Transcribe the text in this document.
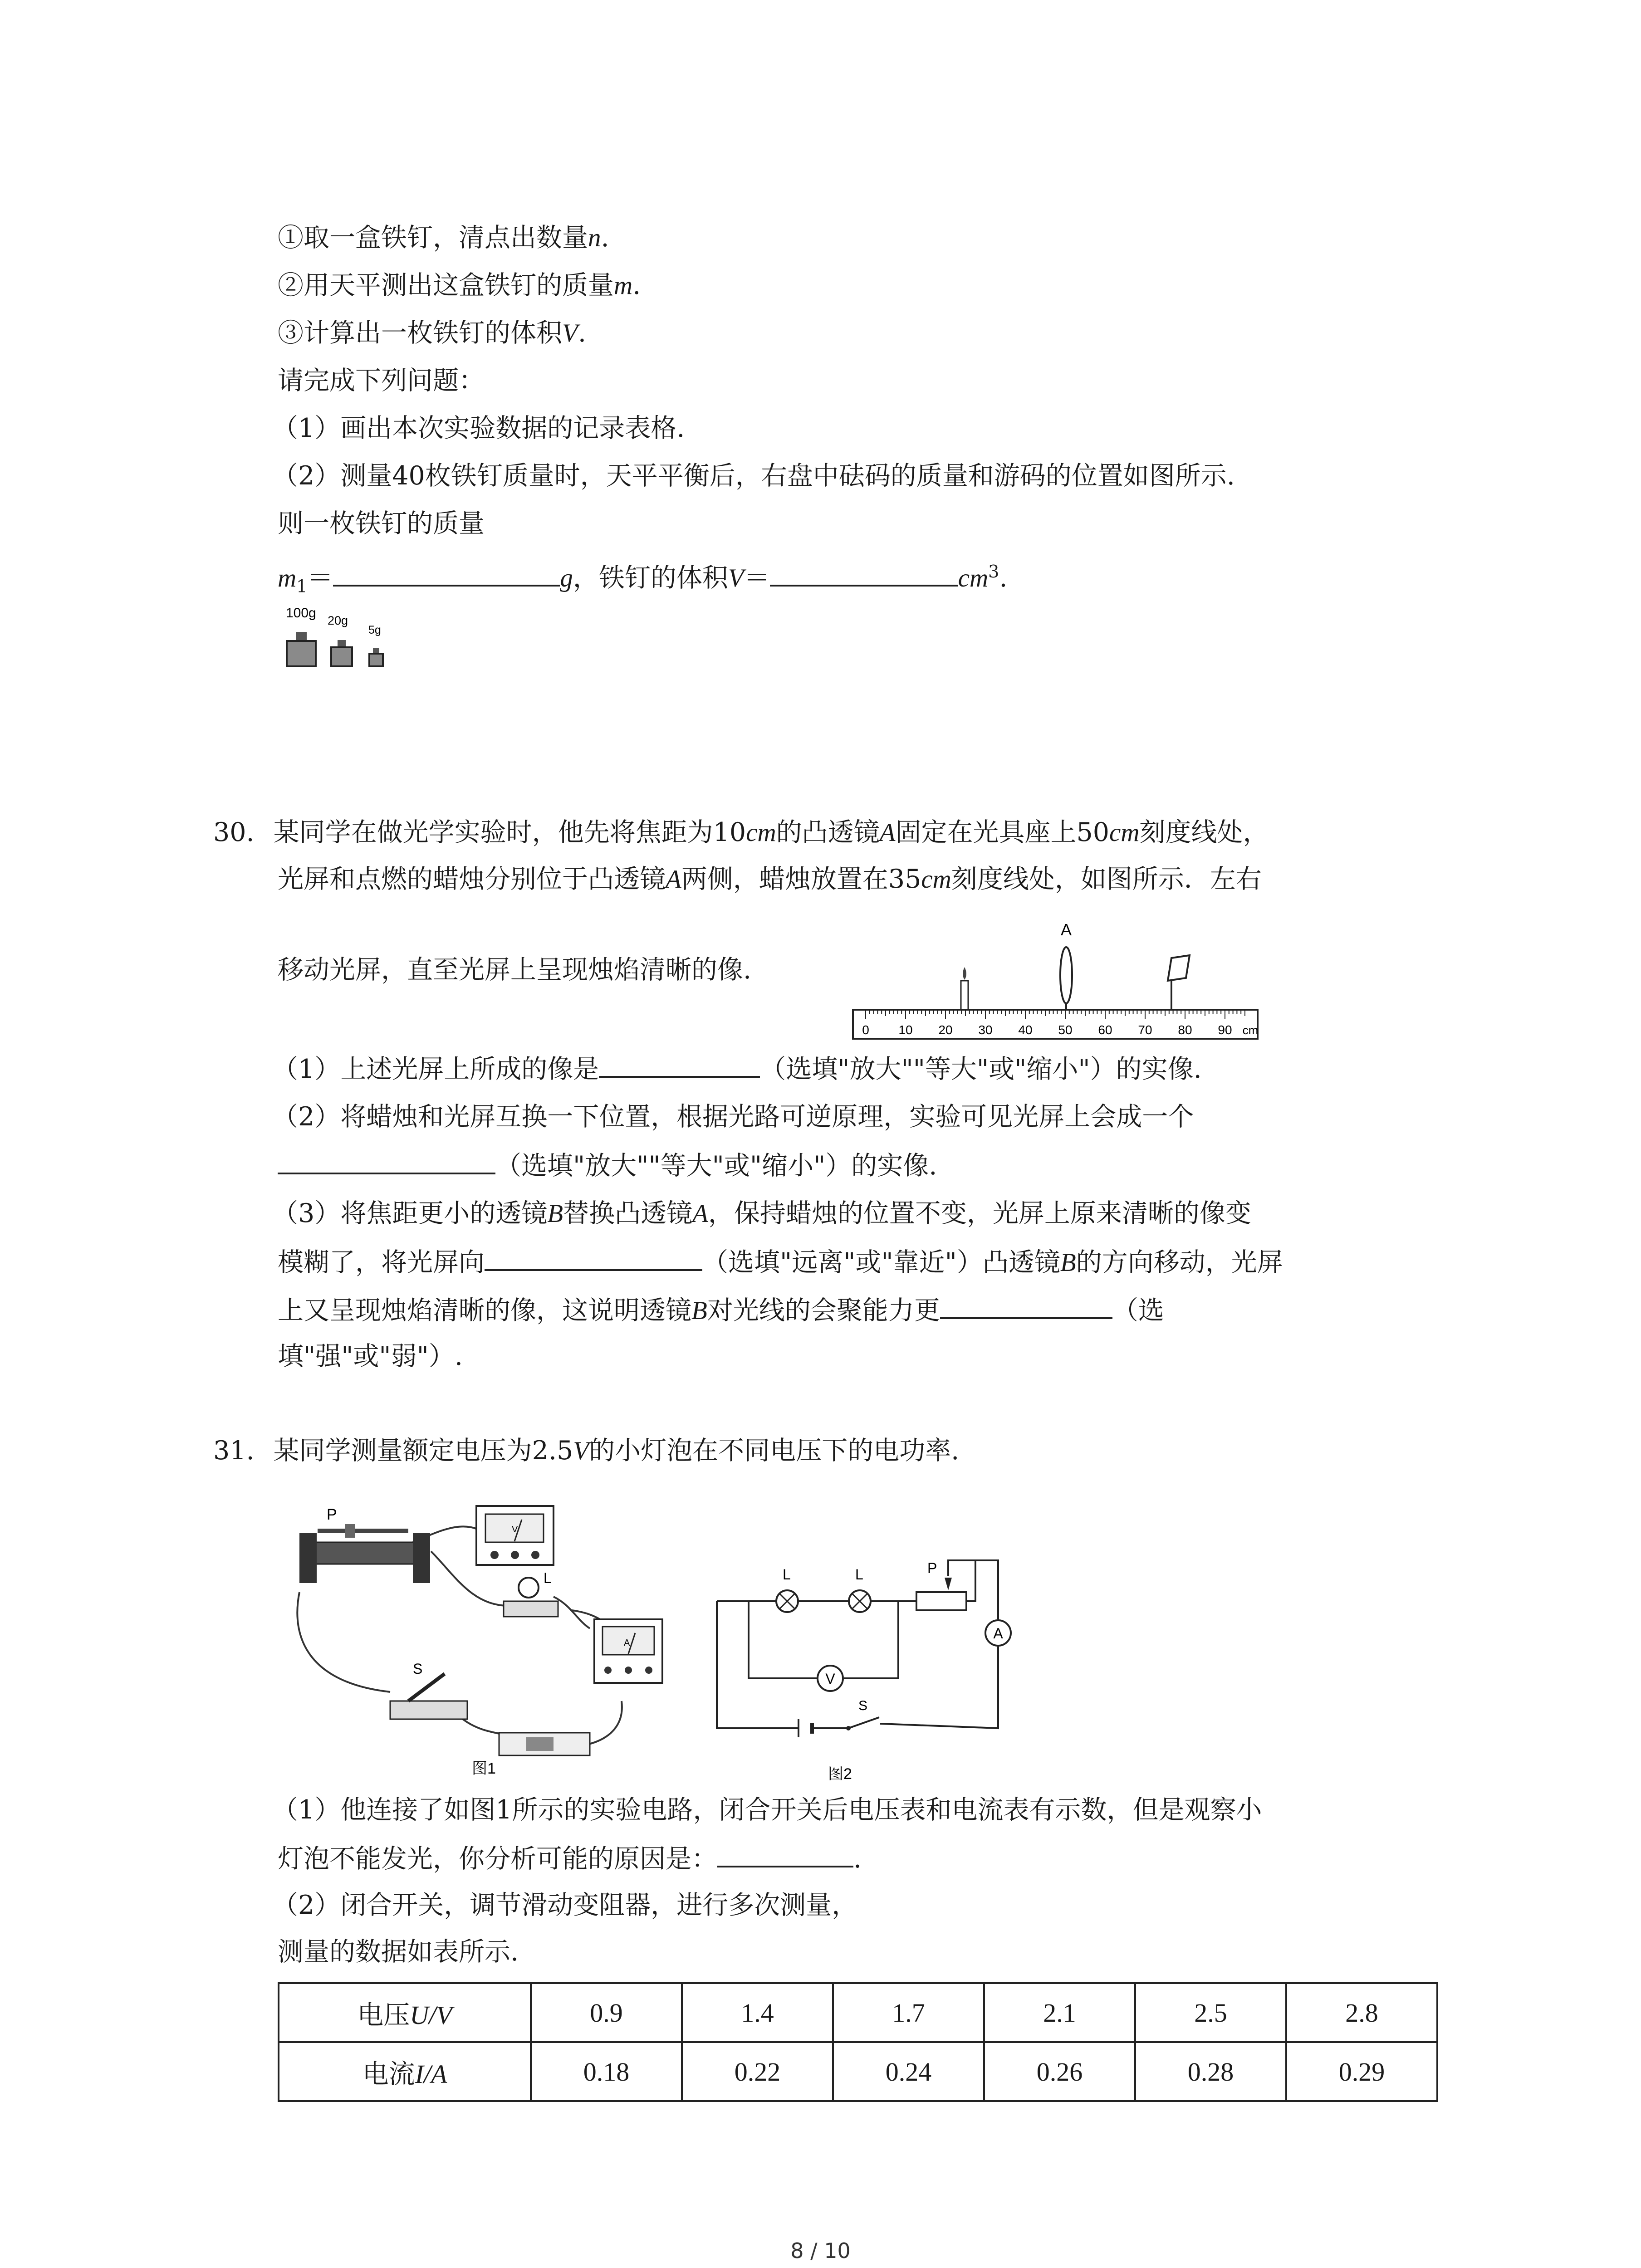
①取一盒铁钉，清点出数量n.
②用天平测出这盒铁钉的质量m.
③计算出一枚铁钉的体积V.
请完成下列问题：
（1）画出本次实验数据的记录表格.
（2）测量40枚铁钉质量时，天平平衡后，右盘中砝码的质量和游码的位置如图所示.
则一枚铁钉的质量
$m_1=$	g，铁钉的体积V＝	$cm^3$.
100g 20g
5g
30. 某同学在做光学实验时，他先将焦距为10cm的凸透镜A固定在光具座上50cm刻度线处，
光屏和点燃的蜡烛分别位于凸透镜A两侧，蜡烛放置在35cm刻度线处，如图所示．左右
移动光屏，直至光屏上呈现烛焰清晰的像.
A
0 10 20 30 40 50 60 70 80 90 cm
（1）上述光屏上所成的像是	（选填"放大""等大"或"缩小"）的实像.
（2）将蜡烛和光屏互换一下位置，根据光路可逆原理，实验可见光屏上会成一个
（选填"放大""等大"或"缩小"）的实像.
（3）将焦距更小的透镜B替换凸透镜A，保持蜡烛的位置不变，光屏上原来清晰的像变
模糊了，将光屏向	（选填"远离"或"靠近"）凸透镜B的方向移动，光屏
上又呈现烛焰清晰的像，这说明透镜B对光线的会聚能力更	（选
填"强"或"弱"）.
31. 某同学测量额定电压为2.5V的小灯泡在不同电压下的电功率.
P
V
L
A
S
图1
L	L	P
V
A
S
图2
（1）他连接了如图1所示的实验电路，闭合开关后电压表和电流表有示数，但是观察小
灯泡不能发光，你分析可能的原因是：	.
（2）闭合开关，调节滑动变阻器，进行多次测量，
测量的数据如表所示.
电压U/V	0.9	1.4	1.7	2.1	2.5	2.8
电流I/A	0.18	0.22	0.24	0.26	0.28	0.29
8 / 10
